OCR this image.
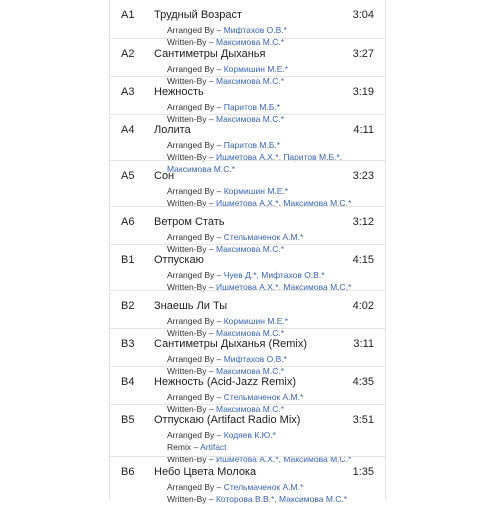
A1 Трудный Возраст	3:04
Arranged By – Мифтахов О.В.*
Written-By – Максимова М.С.*
A2 Сантиметры Дыханья	3:27
Arranged By – Кормишин М.Е.*
Written-By – Максимова М.С.*
A3 Нежность	3:19
Arranged By – Паритов М.Б.*
Written-By – Максимова М.С.*
A4 Лолита	4:11
Arranged By – Паритов М.Б.*
Written-By – Ишметова А.Х.*, Паритов М.Б.*, Максимова М.С.*
A5 Сон	3:23
Arranged By – Кормишин М.Е.*
Written-By – Ишметова А.Х.*, Максимова М.С.*
A6 Ветром Стать	3:12
Arranged By – Стельмаченок А.М.*
Written-By – Максимова М.С.*
B1 Отпускаю	4:15
Arranged By – Чуев Д.*, Мифтахов О.В.*
Written-By – Ишметова А.Х.*, Максимова М.С.*
B2 Знаешь Ли Ты	4:02
Arranged By – Кормишин М.Е.*
Written-By – Максимова М.С.*
B3 Сантиметры Дыханья (Remix)	3:11
Arranged By – Мифтахов О.В.*
Written-By – Максимова М.С.*
B4 Нежность (Acid-Jazz Remix)	4:35
Arranged By – Стельмаченок А.М.*
Written-By – Максимова М.С.*
B5 Отпускаю (Artifact Radio Mix)	3:51
Arranged By – Кодяев К.Ю.*
Remix – Artifact
Written-By – Ишметова А.Х.*, Максимова М.С.*
B6 Небо Цвета Молока	1:35
Arranged By – Стельмаченок А.М.*
Written-By – Которова В.В.*, Максимова М.С.*
